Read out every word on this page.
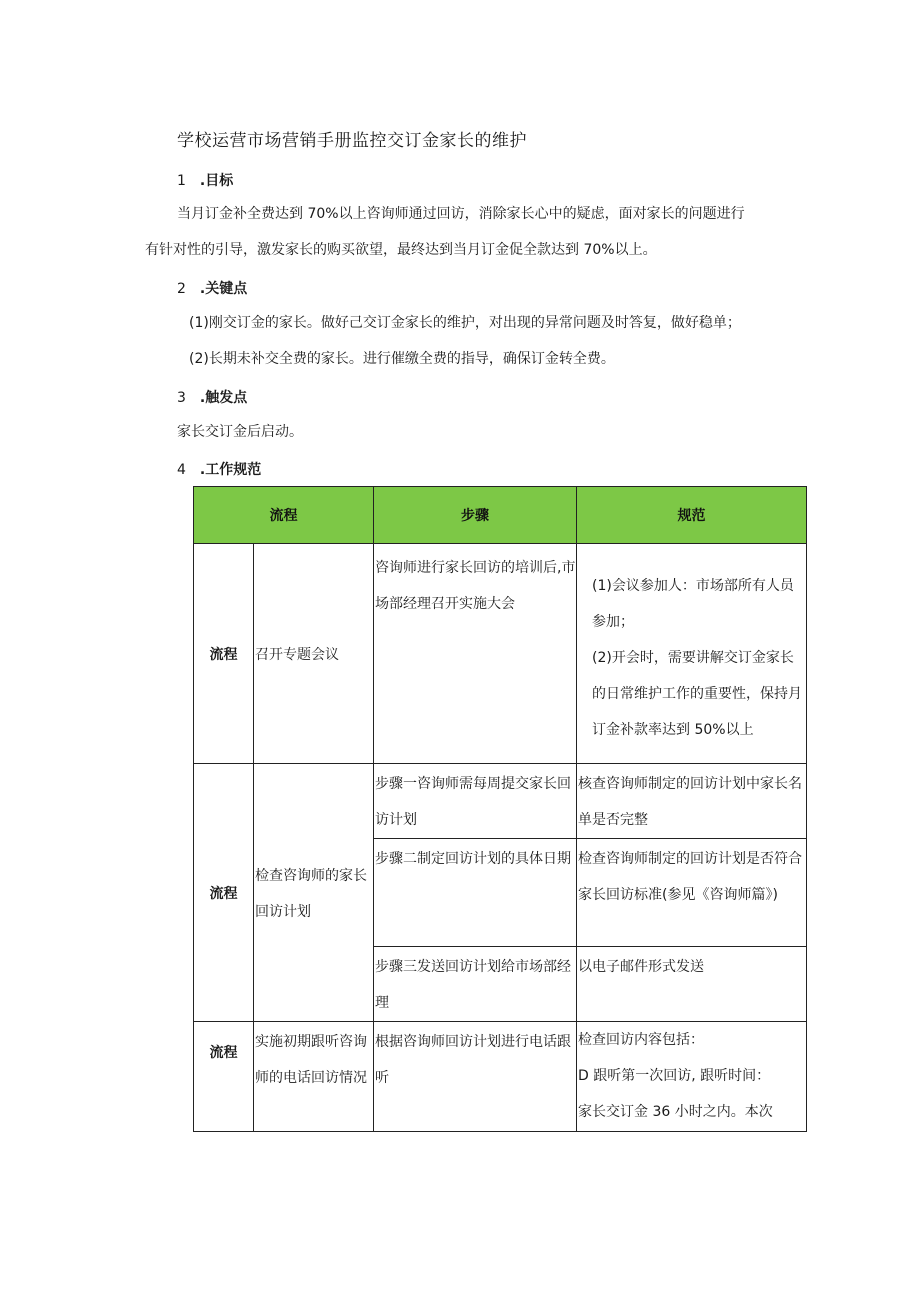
学校运营市场营销手册监控交订金家长的维护
1 .目标
当月订金补全费达到 70%以上咨询师通过回访，消除家长心中的疑虑，面对家长的问题进行
有针对性的引导，激发家长的购买欲望，最终达到当月订金促全款达到 70%以上。
2 .关键点
(1)刚交订金的家长。做好己交订金家长的维护，对出现的异常问题及时答复，做好稳单；
(2)长期未补交全费的家长。进行催缴全费的指导，确保订金转全费。
3 .触发点
家长交订金后启动。
4 .工作规范
流程		步骤	规范
流程	召开专题会议	咨询师进行家长回访的培训后,市场部经理召开实施大会	(1)会议参加人：市场部所有人员参加；
(2)开会时，需要讲解交订金家长的日常维护工作的重要性，保持月订金补款率达到 50%以上

流程	检查咨询师的家长回访计划	步骤一咨询师需每周提交家长回访计划	核查咨询师制定的回访计划中家长名单是否完整
		步骤二制定回访计划的具体日期	检查咨询师制定的回访计划是否符合家长回访标准(参见《咨询师篇》)
		步骤三发送回访计划给市场部经理	以电子邮件形式发送
流程	实施初期跟听咨询师的电话回访情况	根据咨询师回访计划进行电话跟听	检查回访内容包括：
D 跟听第一次回访, 跟听时间：
家长交订金 36 小时之内。本次
